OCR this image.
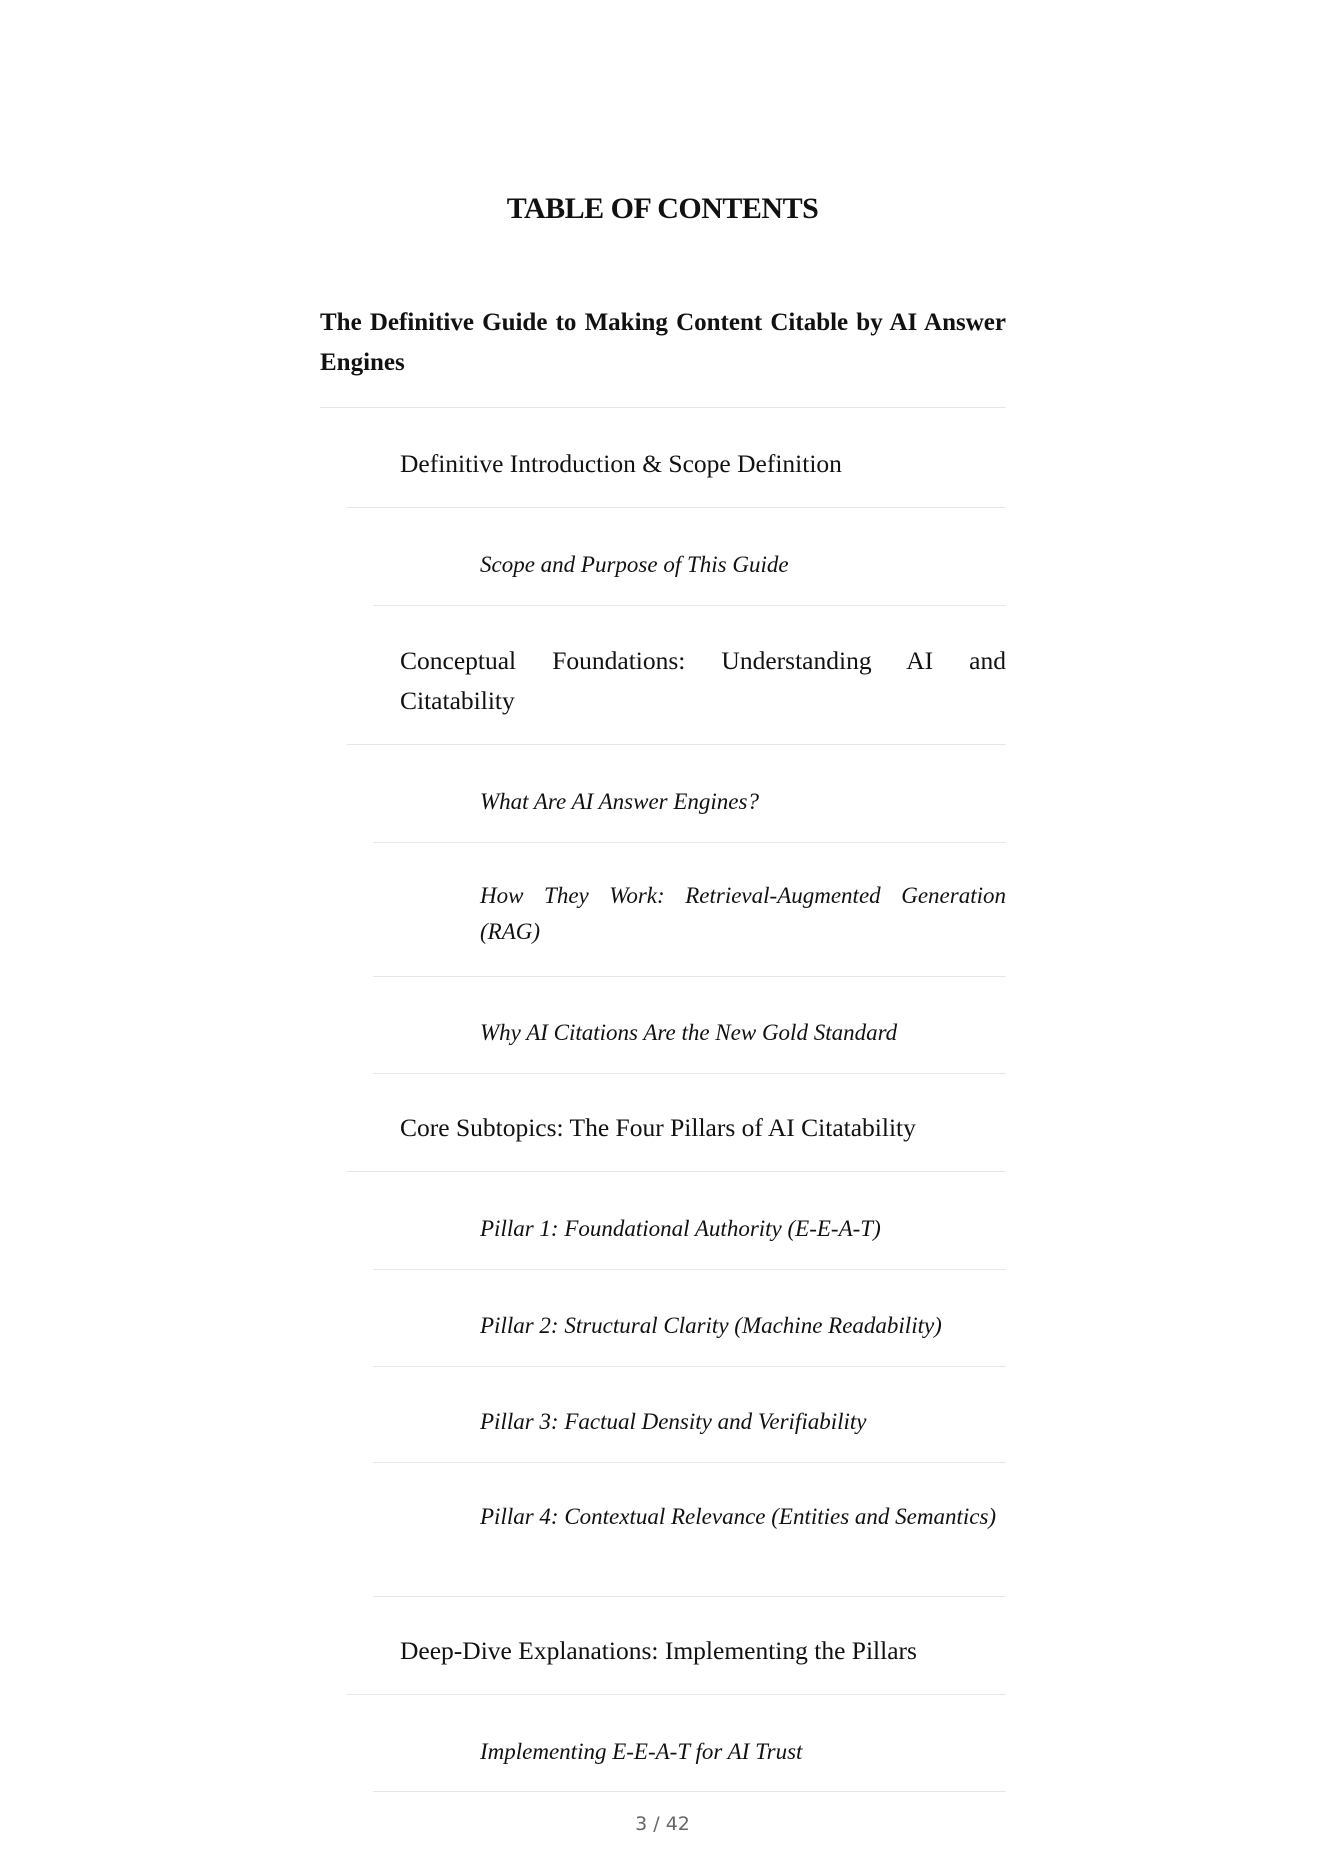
TABLE OF CONTENTS
The Definitive Guide to Making Content Citable by AI Answer Engines
Definitive Introduction & Scope Definition
Scope and Purpose of This Guide
Conceptual Foundations: Understanding AI and Citatability
What Are AI Answer Engines?
How They Work: Retrieval-Augmented Generation (RAG)
Why AI Citations Are the New Gold Standard
Core Subtopics: The Four Pillars of AI Citatability
Pillar 1: Foundational Authority (E-E-A-T)
Pillar 2: Structural Clarity (Machine Readability)
Pillar 3: Factual Density and Verifiability
Pillar 4: Contextual Relevance (Entities and Semantics)
Deep-Dive Explanations: Implementing the Pillars
Implementing E-E-A-T for AI Trust
3 / 42
